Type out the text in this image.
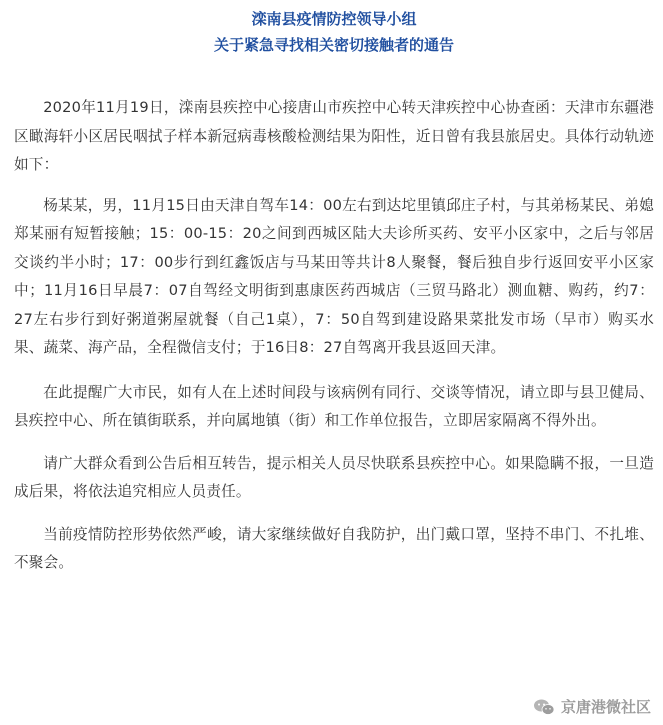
滦南县疫情防控领导小组
关于紧急寻找相关密切接触者的通告

2020年11月19日，滦南县疾控中心接唐山市疾控中心转天津疾控中心协查函：天津市东疆港区瞰海轩小区居民咽拭子样本新冠病毒核酸检测结果为阳性，近日曾有我县旅居史。具体行动轨迹如下：

杨某某，男，11月15日由天津自驾车14：00左右到达坨里镇邱庄子村，与其弟杨某民、弟媳郑某丽有短暂接触；15：00-15：20之间到西城区陆大夫诊所买药、安平小区家中，之后与邻居交谈约半小时；17：00步行到红鑫饭店与马某田等共计8人聚餐，餐后独自步行返回安平小区家中；11月16日早晨7：07自驾经文明街到惠康医药西城店（三贸马路北）测血糖、购药，约7：27左右步行到好粥道粥屋就餐（自己1桌），7：50自驾到建设路果菜批发市场（早市）购买水果、蔬菜、海产品，全程微信支付；于16日8：27自驾离开我县返回天津。

在此提醒广大市民，如有人在上述时间段与该病例有同行、交谈等情况，请立即与县卫健局、县疾控中心、所在镇街联系，并向属地镇（街）和工作单位报告，立即居家隔离不得外出。

请广大群众看到公告后相互转告，提示相关人员尽快联系县疾控中心。如果隐瞒不报，一旦造成后果，将依法追究相应人员责任。

当前疫情防控形势依然严峻，请大家继续做好自我防护，出门戴口罩，坚持不串门、不扎堆、不聚会。

京唐港微社区
